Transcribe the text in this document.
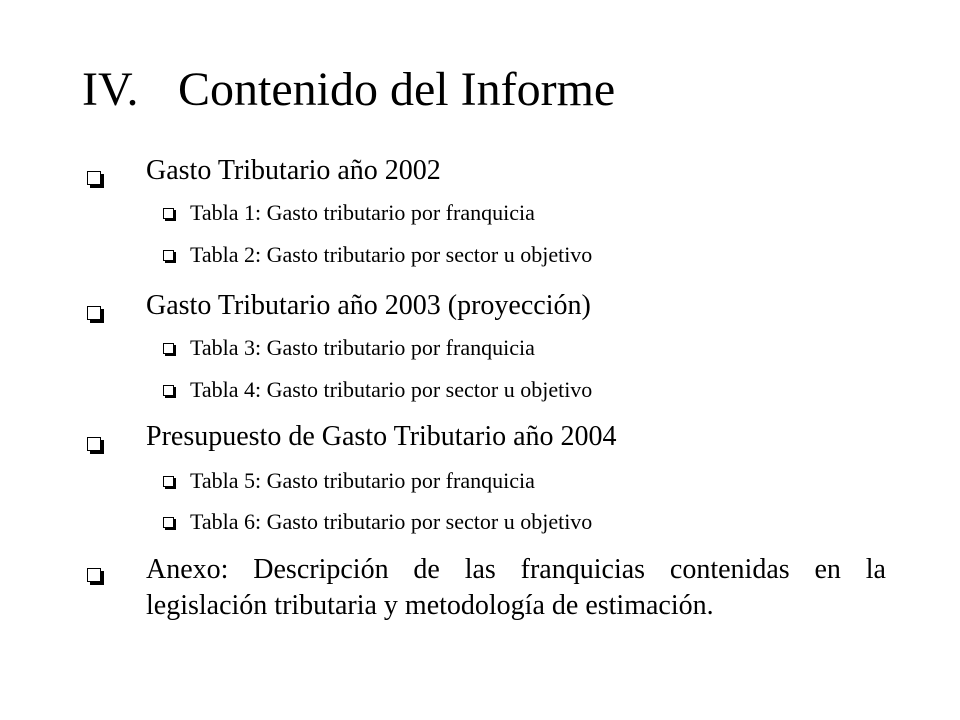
IV. Contenido del Informe
Gasto Tributario año 2002
Tabla 1: Gasto tributario por franquicia
Tabla 2: Gasto tributario por sector u objetivo
Gasto Tributario año 2003 (proyección)
Tabla 3: Gasto tributario por franquicia
Tabla 4: Gasto tributario por sector u objetivo
Presupuesto de Gasto Tributario año 2004
Tabla 5: Gasto tributario por franquicia
Tabla 6: Gasto tributario por sector u objetivo
Anexo: Descripción de las franquicias contenidas en la legislación tributaria y metodología de estimación.
